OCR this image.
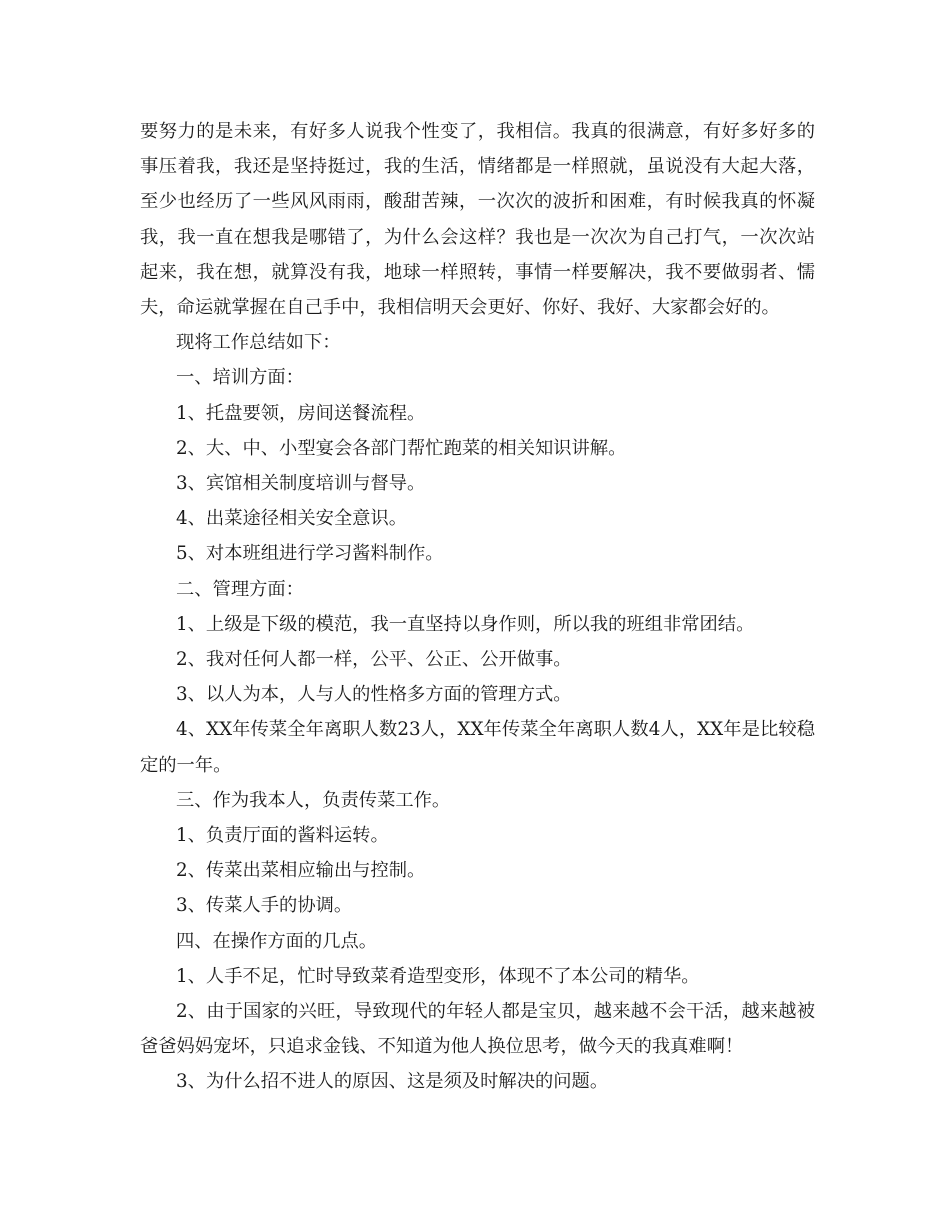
要努力的是未来，有好多人说我个性变了，我相信。我真的很满意，有好多好多的事压着我，我还是坚持挺过，我的生活，情绪都是一样照就，虽说没有大起大落，至少也经历了一些风风雨雨，酸甜苦辣，一次次的波折和困难，有时候我真的怀凝我，我一直在想我是哪错了，为什么会这样？我也是一次次为自己打气，一次次站起来，我在想，就算没有我，地球一样照转，事情一样要解决，我不要做弱者、懦夫，命运就掌握在自己手中，我相信明天会更好、你好、我好、大家都会好的。

现将工作总结如下：

一、培训方面：

1、托盘要领，房间送餐流程。

2、大、中、小型宴会各部门帮忙跑菜的相关知识讲解。

3、宾馆相关制度培训与督导。

4、出菜途径相关安全意识。

5、对本班组进行学习酱料制作。

二、管理方面：

1、上级是下级的模范，我一直坚持以身作则，所以我的班组非常团结。

2、我对任何人都一样，公平、公正、公开做事。

3、以人为本，人与人的性格多方面的管理方式。

4、XX年传菜全年离职人数23人，XX年传菜全年离职人数4人，XX年是比较稳定的一年。

三、作为我本人，负责传菜工作。

1、负责厅面的酱料运转。

2、传菜出菜相应输出与控制。

3、传菜人手的协调。

四、在操作方面的几点。

1、人手不足，忙时导致菜肴造型变形，体现不了本公司的精华。

2、由于国家的兴旺，导致现代的年轻人都是宝贝，越来越不会干活，越来越被爸爸妈妈宠坏，只追求金钱、不知道为他人换位思考，做今天的我真难啊！

3、为什么招不进人的原因、这是须及时解决的问题。
